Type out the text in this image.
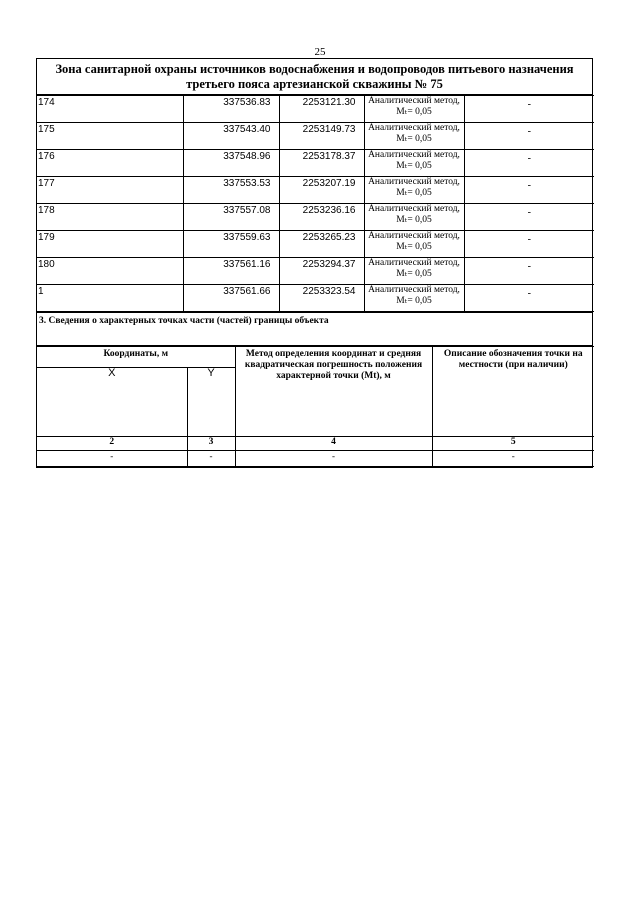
25
Зона санитарной охраны источников водоснабжения и водопроводов питьевого назначения третьего пояса артезианской скважины № 75
174	337536.83	2253121.30	Аналитический метод,
Mₜ= 0,05	-
175	337543.40	2253149.73	Аналитический метод,
Mₜ= 0,05	-
176	337548.96	2253178.37	Аналитический метод,
Mₜ= 0,05	-
177	337553.53	2253207.19	Аналитический метод,
Mₜ= 0,05	-
178	337557.08	2253236.16	Аналитический метод,
Mₜ= 0,05	-
179	337559.63	2253265.23	Аналитический метод,
Mₜ= 0,05	-
180	337561.16	2253294.37	Аналитический метод,
Mₜ= 0,05	-
1	337561.66	2253323.54	Аналитический метод,
Mₜ= 0,05	-
3. Сведения о характерных точках части (частей) границы объекта
Координаты, м		Метод определения координат и средняя квадратическая погрешность положения характерной точки (Mt), м	Описание обозначения точки на местности (при наличии)
X	Y		
2	3	4	5
-	-	-	-
